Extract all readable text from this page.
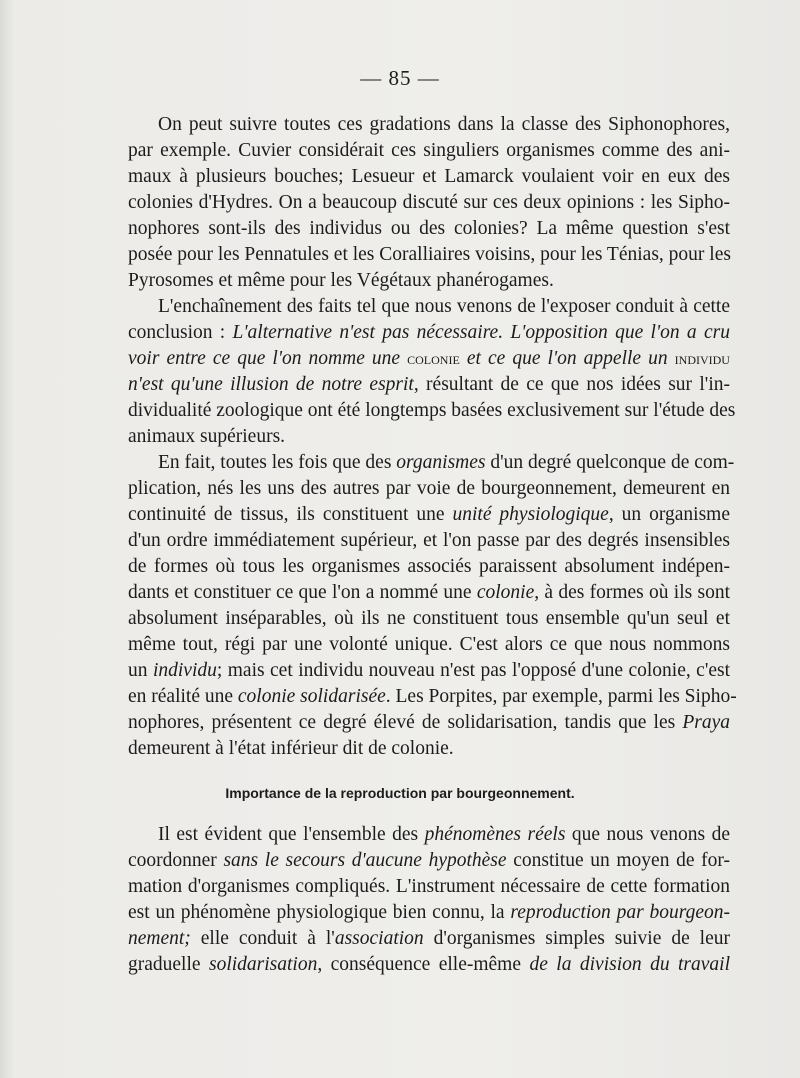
— 85 —
On peut suivre toutes ces gradations dans la classe des Siphonophores,
par exemple. Cuvier considérait ces singuliers organismes comme des ani-
maux à plusieurs bouches; Lesueur et Lamarck voulaient voir en eux des
colonies d'Hydres. On a beaucoup discuté sur ces deux opinions : les Sipho-
nophores sont-ils des individus ou des colonies? La même question s'est
posée pour les Pennatules et les Coralliaires voisins, pour les Ténias, pour les
Pyrosomes et même pour les Végétaux phanérogames.
L'enchaînement des faits tel que nous venons de l'exposer conduit à cette
conclusion : L'alternative n'est pas nécessaire. L'opposition que l'on a cru
voir entre ce que l'on nomme une colonie et ce que l'on appelle un individu
n'est qu'une illusion de notre esprit, résultant de ce que nos idées sur l'in-
dividualité zoologique ont été longtemps basées exclusivement sur l'étude des
animaux supérieurs.
En fait, toutes les fois que des organismes d'un degré quelconque de com-
plication, nés les uns des autres par voie de bourgeonnement, demeurent en
continuité de tissus, ils constituent une unité physiologique, un organisme
d'un ordre immédiatement supérieur, et l'on passe par des degrés insensibles
de formes où tous les organismes associés paraissent absolument indépen-
dants et constituer ce que l'on a nommé une colonie, à des formes où ils sont
absolument inséparables, où ils ne constituent tous ensemble qu'un seul et
même tout, régi par une volonté unique. C'est alors ce que nous nommons
un individu; mais cet individu nouveau n'est pas l'opposé d'une colonie, c'est
en réalité une colonie solidarisée. Les Porpites, par exemple, parmi les Sipho-
nophores, présentent ce degré élevé de solidarisation, tandis que les Praya
demeurent à l'état inférieur dit de colonie.

Importance de la reproduction par bourgeonnement.
Il est évident que l'ensemble des phénomènes réels que nous venons de
coordonner sans le secours d'aucune hypothèse constitue un moyen de for-
mation d'organismes compliqués. L'instrument nécessaire de cette formation
est un phénomène physiologique bien connu, la reproduction par bourgeon-
nement; elle conduit à l'association d'organismes simples suivie de leur
graduelle solidarisation, conséquence elle-même de la division du travail
